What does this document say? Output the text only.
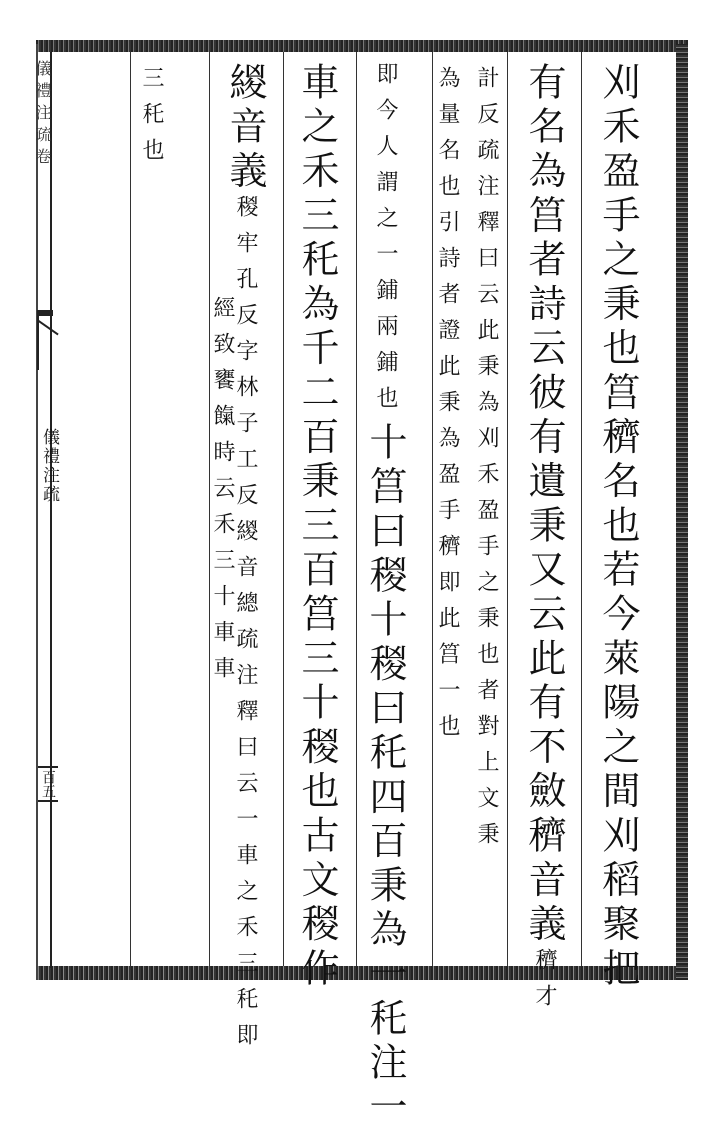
儀禮注疏卷
儀禮注疏
百五	刈禾盈手之秉也筥穧名也若今萊陽之間刈稻聚把
有名為筥者詩云彼有遺秉又云此有不斂穧音義穧才
計反疏注釋曰云此秉為刈禾盈手之秉也者對上文秉
為量名也引詩者證此秉為盈手穧即此筥一也
即今人謂之一鋪兩鋪也十筥曰稯十稯曰秅四百秉為一秅注一
車之禾三秅為千二百秉三百筥三十稯也古文稯作
緵音義稯牢孔反字林子工反緵音總疏注釋曰云一車之禾三秅即
經致饔餼時云禾三十車車
三秅也
